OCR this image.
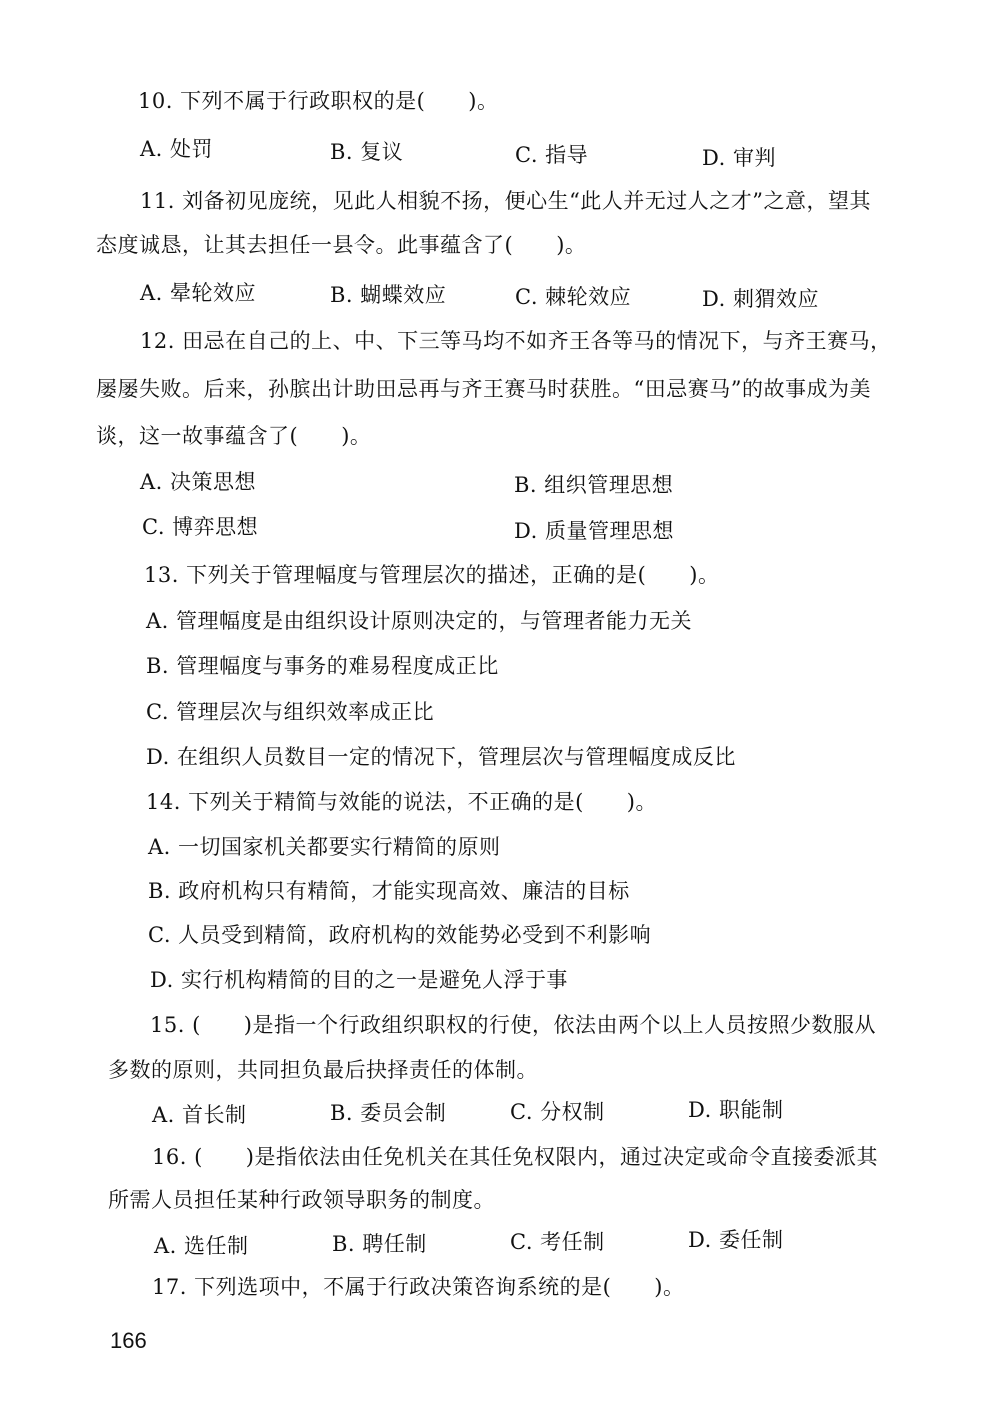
10. 下列不属于行政职权的是(　　)。
A. 处罚	B. 复议	C. 指导	D. 审判
11. 刘备初见庞统，见此人相貌不扬，便心生“此人并无过人之才”之意，望其
态度诚恳，让其去担任一县令。此事蕴含了(　　)。
A. 晕轮效应	B. 蝴蝶效应	C. 棘轮效应	D. 刺猬效应
12. 田忌在自己的上、中、下三等马均不如齐王各等马的情况下，与齐王赛马，
屡屡失败。后来，孙膑出计助田忌再与齐王赛马时获胜。“田忌赛马”的故事成为美
谈，这一故事蕴含了(　　)。
A. 决策思想	B. 组织管理思想
C. 博弈思想	D. 质量管理思想
13. 下列关于管理幅度与管理层次的描述，正确的是(　　)。
A. 管理幅度是由组织设计原则决定的，与管理者能力无关
B. 管理幅度与事务的难易程度成正比
C. 管理层次与组织效率成正比
D. 在组织人员数目一定的情况下，管理层次与管理幅度成反比
14. 下列关于精简与效能的说法，不正确的是(　　)。
A. 一切国家机关都要实行精简的原则
B. 政府机构只有精简，才能实现高效、廉洁的目标
C. 人员受到精简，政府机构的效能势必受到不利影响
D. 实行机构精简的目的之一是避免人浮于事
15. (　　)是指一个行政组织职权的行使，依法由两个以上人员按照少数服从
多数的原则，共同担负最后抉择责任的体制。
A. 首长制	B. 委员会制	C. 分权制	D. 职能制
16. (　　)是指依法由任免机关在其任免权限内，通过决定或命令直接委派其
所需人员担任某种行政领导职务的制度。
A. 选任制	B. 聘任制	C. 考任制	D. 委任制
17. 下列选项中，不属于行政决策咨询系统的是(　　)。
166
